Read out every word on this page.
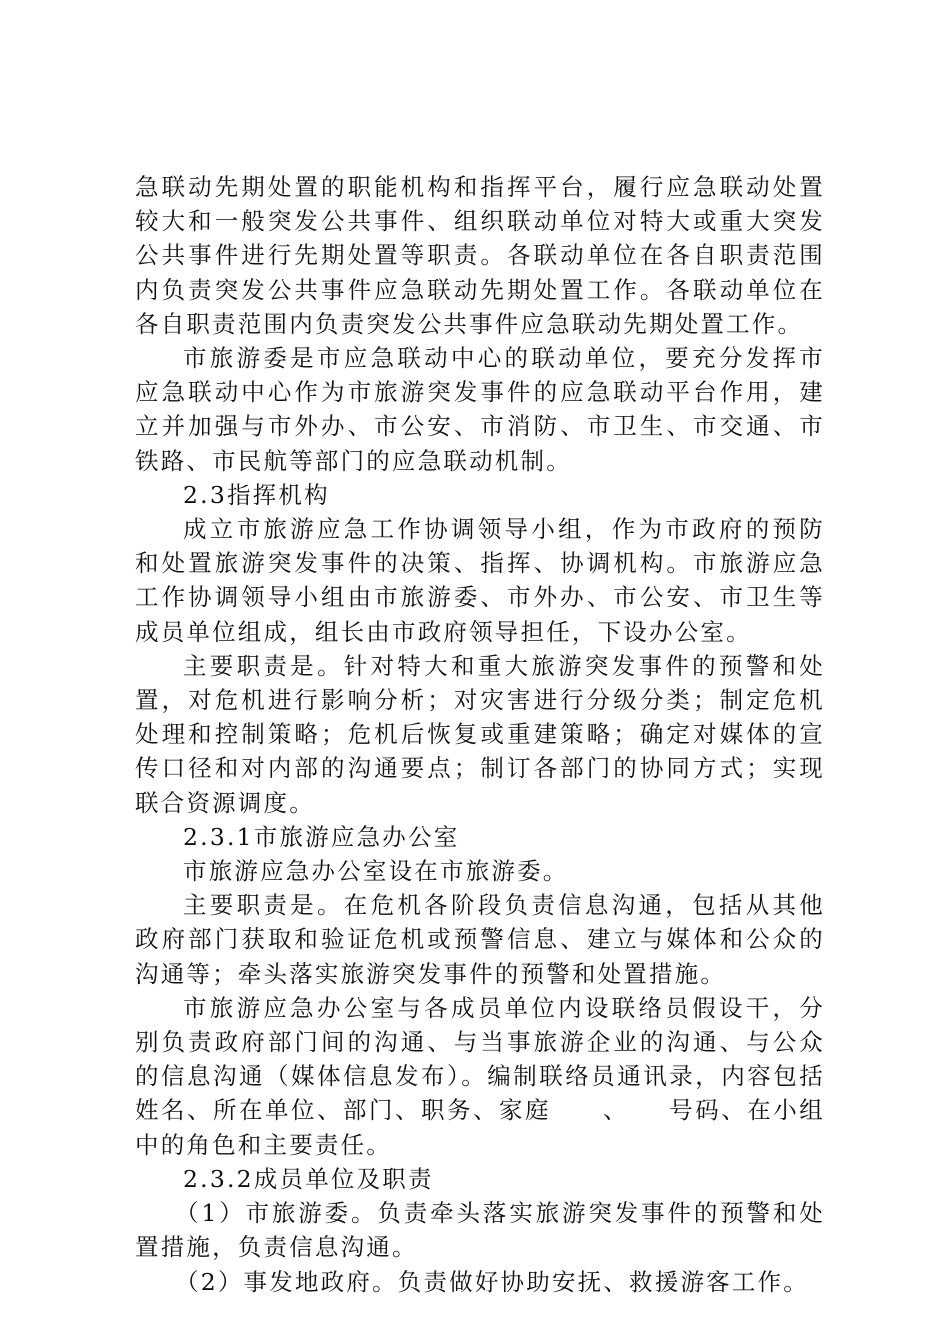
急联动先期处置的职能机构和指挥平台，履行应急联动处置较大和一般突发公共事件、组织联动单位对特大或重大突发公共事件进行先期处置等职责。各联动单位在各自职责范围内负责突发公共事件应急联动先期处置工作。各联动单位在各自职责范围内负责突发公共事件应急联动先期处置工作。

市旅游委是市应急联动中心的联动单位，要充分发挥市应急联动中心作为市旅游突发事件的应急联动平台作用，建立并加强与市外办、市公安、市消防、市卫生、市交通、市铁路、市民航等部门的应急联动机制。

2.3指挥机构

成立市旅游应急工作协调领导小组，作为市政府的预防和处置旅游突发事件的决策、指挥、协调机构。市旅游应急工作协调领导小组由市旅游委、市外办、市公安、市卫生等成员单位组成，组长由市政府领导担任，下设办公室。

主要职责是。针对特大和重大旅游突发事件的预警和处置，对危机进行影响分析；对灾害进行分级分类；制定危机处理和控制策略；危机后恢复或重建策略；确定对媒体的宣传口径和对内部的沟通要点；制订各部门的协同方式；实现联合资源调度。

2.3.1市旅游应急办公室

市旅游应急办公室设在市旅游委。

主要职责是。在危机各阶段负责信息沟通，包括从其他政府部门获取和验证危机或预警信息、建立与媒体和公众的沟通等；牵头落实旅游突发事件的预警和处置措施。

市旅游应急办公室与各成员单位内设联络员假设干，分别负责政府部门间的沟通、与当事旅游企业的沟通、与公众的信息沟通（媒体信息发布）。编制联络员通讯录，内容包括姓名、所在单位、部门、职务、家庭　　、　　号码、在小组中的角色和主要责任。

2.3.2成员单位及职责

（1）市旅游委。负责牵头落实旅游突发事件的预警和处置措施，负责信息沟通。

（2）事发地政府。负责做好协助安抚、救援游客工作。
